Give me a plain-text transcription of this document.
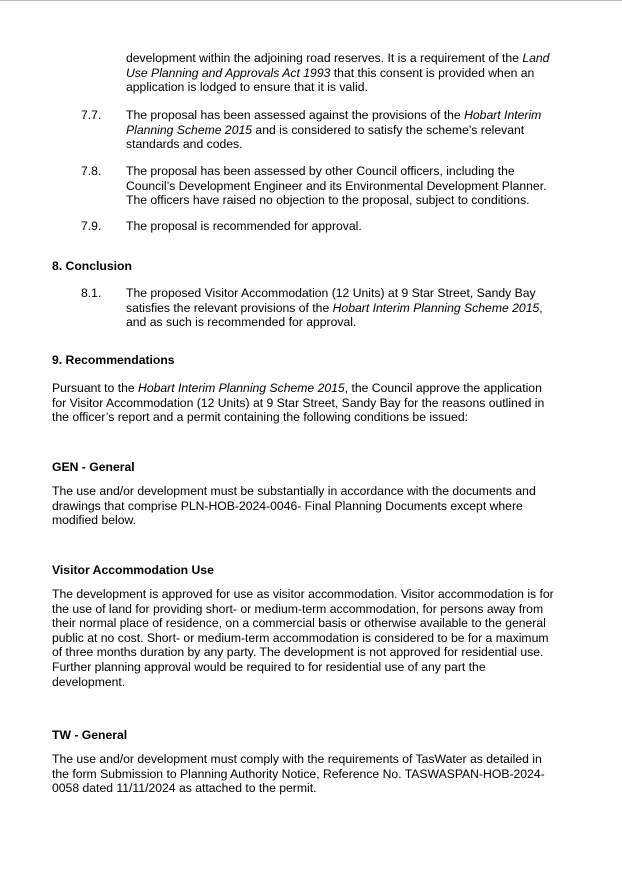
development within the adjoining road reserves. It is a requirement of the Land
Use Planning and Approvals Act 1993 that this consent is provided when an
application is lodged to ensure that it is valid.
7.7. The proposal has been assessed against the provisions of the Hobart Interim
Planning Scheme 2015 and is considered to satisfy the scheme’s relevant
standards and codes.
7.8. The proposal has been assessed by other Council officers, including the
Council’s Development Engineer and its Environmental Development Planner.
The officers have raised no objection to the proposal, subject to conditions.
7.9. The proposal is recommended for approval.
8. Conclusion
8.1. The proposed Visitor Accommodation (12 Units) at 9 Star Street, Sandy Bay
satisfies the relevant provisions of the Hobart Interim Planning Scheme 2015,
and as such is recommended for approval.
9. Recommendations
Pursuant to the Hobart Interim Planning Scheme 2015, the Council approve the application
for Visitor Accommodation (12 Units) at 9 Star Street, Sandy Bay for the reasons outlined in
the officer’s report and a permit containing the following conditions be issued:
GEN - General
The use and/or development must be substantially in accordance with the documents and
drawings that comprise PLN-HOB-2024-0046- Final Planning Documents except where
modified below.
Visitor Accommodation Use
The development is approved for use as visitor accommodation. Visitor accommodation is for
the use of land for providing short- or medium-term accommodation, for persons away from
their normal place of residence, on a commercial basis or otherwise available to the general
public at no cost. Short- or medium-term accommodation is considered to be for a maximum
of three months duration by any party. The development is not approved for residential use.
Further planning approval would be required to for residential use of any part the
development.
TW - General
The use and/or development must comply with the requirements of TasWater as detailed in
the form Submission to Planning Authority Notice, Reference No. TASWASPAN-HOB-2024-
0058 dated 11/11/2024 as attached to the permit.
